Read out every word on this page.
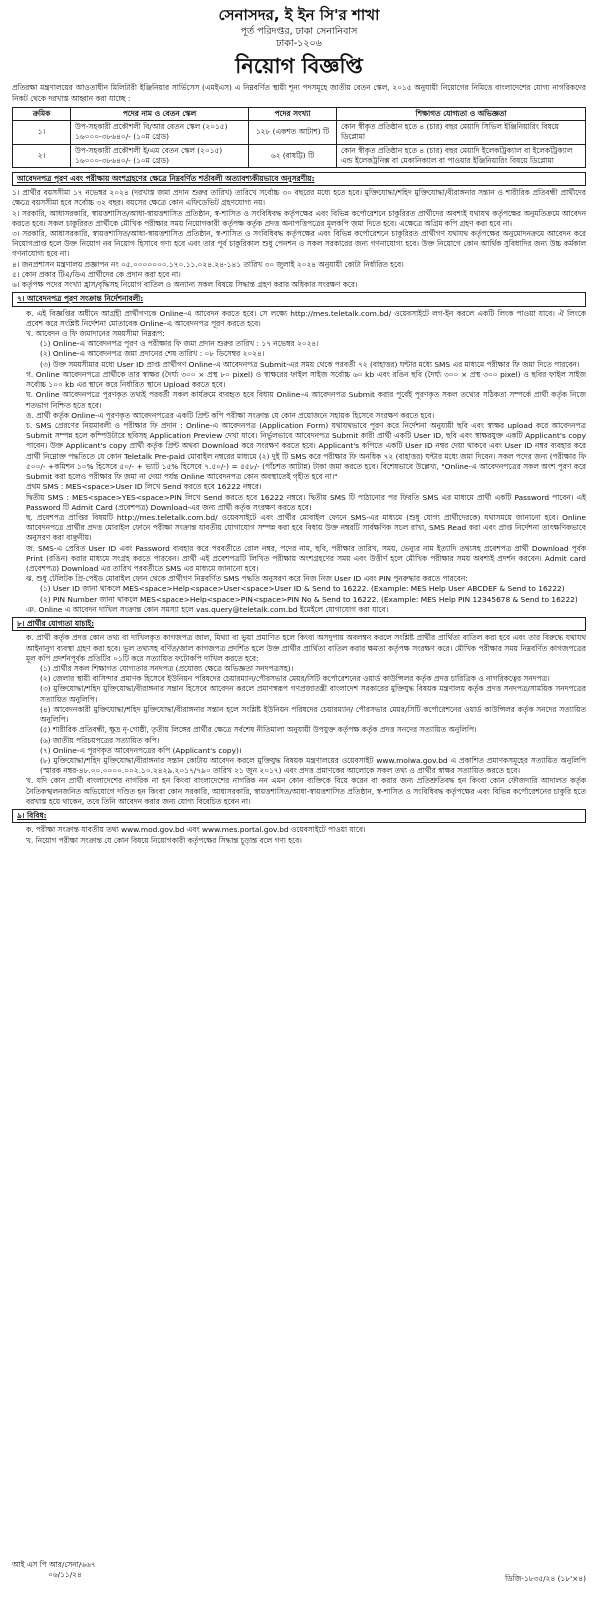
সেনাসদর, ই ইন সি'র শাখা
পূর্ত পরিদপ্তর, ঢাকা সেনানিবাস
ঢাকা-১২০৬
নিয়োগ বিজ্ঞপ্তি

প্রতিরক্ষা মন্ত্রণালয়ের আওতাধীন মিলিটারী ইঞ্জিনিয়ার সার্ভিসেস (এমইএস) এ নিম্নবর্ণিত স্থায়ী শূন্য পদসমূহে জাতীয় বেতন স্কেল, ২০১৫ অনুযায়ী নিয়োগের নিমিত্তে বাংলাদেশের যোগ্য নাগরিকদের নিকট থেকে দরখাস্ত আহ্বান করা যাচ্ছে :

ক্রমিক	পদের নাম ও বেতন স্কেল	পদের সংখ্যা	শিক্ষাগত যোগ্যতা ও অভিজ্ঞতা
১।	উপ-সহকারী প্রকৌশলী বি/আর বেতন স্কেল (২০১৫) ১৬০০০-৩৮৬৪০/- (১০ম গ্রেড)	১২৮ (একশত আটাশ) টি	কোন স্বীকৃত প্রতিষ্ঠান হতে ৪ (চার) বছর মেয়াদি সিভিল ইঞ্জিনিয়ারিং বিষয়ে ডিপ্লোমা
২।	উপ-সহকারী প্রকৌশলী ই/এম বেতন স্কেল (২০১৫) ১৬০০০-৩৮৬৪০/- (১০ম গ্রেড)	৬২ (বাষট্টি) টি	কোন স্বীকৃত প্রতিষ্ঠান হতে ৪ (চার) বছর মেয়াদি ইলেকট্রিক্যাল বা ইলেকট্রিক্যাল এন্ড ইলেকট্রনিক্স বা মেকানিক্যাল বা পাওয়ার ইঞ্জিনিয়ারিং বিষয়ে ডিপ্লোমা
আবেদনপত্র পূরণ এবং পরীক্ষায় অংশগ্রহণের ক্ষেত্রে নিম্নবর্ণিত শর্তাবলী অত্যাবশ্যকীয়ভাবে অনুসরণীয়:

১। প্রার্থীর বয়সসীমা ১৭ নভেম্বর ২০২৪ (দরখাস্ত জমা প্রদান শুরুর তারিখ) তারিখে সর্বোচ্চ ৩০ বছরের মধ্যে হতে হবে। মুক্তিযোদ্ধা/শহিদ মুক্তিযোদ্ধা/বীরাঙ্গনার সন্তান ও শারীরিক প্রতিবন্ধী প্রার্থীদের ক্ষেত্রে বয়সসীমা হবে সর্বোচ্চ ৩২ বছর। বয়সের ক্ষেত্রে কোন এফিডেভিট গ্রহণযোগ্য নয়।

২। সরকারি, আধাসরকারি, স্বায়ত্তশাসিত/আধা-স্বায়ত্তশাসিত প্রতিষ্ঠান, স্ব-শাসিত ও সংবিধিবদ্ধ কর্তৃপক্ষের এবং বিভিন্ন কর্পোরেশনে চাকুরিরত প্রার্থীদের অবশ্যই যথাযথ কর্তৃপক্ষের অনুমতিক্রমে আবেদন করতে হবে। সকল চাকুরিরত প্রার্থীকে মৌখিক পরীক্ষার সময় নিয়োগকারী কর্তৃপক্ষ কর্তৃক প্রদত্ত অনাপত্তিপত্রের মূলকপি জমা দিতে হবে। এক্ষেত্রে অগ্রিম কপি গ্রহণ করা হবে না।

৩। সরকারি, আধাসরকারি, স্বায়ত্তশাসিত/আধা-স্বায়ত্তশাসিত প্রতিষ্ঠান, স্ব-শাসিত ও সংবিধিবদ্ধ কর্তৃপক্ষের এবং বিভিন্ন কর্পোরেশনে চাকুরিরত প্রার্থীগণ যথাযথ কর্তৃপক্ষের অনুমোদনক্রমে আবেদন করে নিয়োগপ্রাপ্ত হলে উক্ত নিয়োগ নব নিয়োগ হিসাবে গণ্য হবে এবং তার পূর্ব চাকুরিকাল শুধু পেনশন ও সকল সরকারের জন্য গণনাযোগ্য হবে। উক্ত নিয়োগে কোন আর্থিক সুবিধাদির জন্য উচ্চ কর্মকাল গণনাযোগ্য হবে না।

৪। জনপ্রশাসন মন্ত্রণালয় প্রজ্ঞাপন নং ০৫.০০০০০০০.১৭০.১১.০২৪.২৪-১৪১ তারিখ ৩০ জুলাই ২০২৪ অনুযায়ী কোটা নির্ধারিত হবে।

৫। কোন প্রকার টিএ/ডিএ প্রার্থীদের কে প্রদান করা হবে না।

৬। কর্তৃপক্ষ পদের সংখ্যা হ্রাস/বৃদ্ধিসহ নিয়োগ বাতিল ও অন্যান্য সকল বিষয়ে সিদ্ধান্ত গ্রহণ করার অধিকার সংরক্ষণ করে।

৭। আবেদনপত্র পূরণ সংক্রান্ত নির্দেশনাবলী:

ক. এই বিজ্ঞপ্তির অধীনে আগ্রহী প্রার্থীগণকে Online-এ আবেদন করতে হবে। সে লক্ষ্যে http://mes.teletalk.com.bd/ ওয়েবসাইটে লগ-ইন করলে একটি লিংক পাওয়া যাবে। ঐ লিংকে প্রবেশ করে সংশ্লিষ্ট নির্দেশনা মোতাবেক Online-এ আবেদনপত্র পূরণ করতে হবে।

খ. আবেদন ও ফি জমাদানের সময়সীমা নিম্নরূপ:

(১) Online-এ আবেদনপত্র পূরণ ও পরীক্ষার ফি জমা প্রদান শুরুর তারিখ : ১৭ নভেম্বর ২০২৪।

(২) Online-এ আবেদনপত্র জমা প্রদানের শেষ তারিখ : ০৮ ডিসেম্বর ২০২৪।

(৩) উক্ত সময়সীমার মধ্যে User ID প্রাপ্ত প্রার্থীগণ Online-এ আবেদনপত্র Submit-এর সময় থেকে পরবর্তী ৭২ (বাহাত্তর) ঘন্টার মধ্যে SMS এর মাধ্যমে পরীক্ষার ফি জমা দিতে পারবেন।

গ. Online আবেদনপত্রে প্রার্থীকে তার স্বাক্ষর (দৈর্ঘ্য ৩০০ × প্রস্থ ৮০ pixel) ও স্বাক্ষরের ফাইল সাইজ সর্বোচ্চ ৬০ kb এবং রঙিন ছবি (দৈর্ঘ্য ৩০০ × প্রস্থ ৩০০ pixel) ও ছবির ফাইল সাইজ সর্বোচ্চ ১০০ kb এর স্থানে করে নির্ধারিত স্থানে Upload করতে হবে।

ঘ. Online আবেদনপত্রে পূরণকৃত তথ্যই পরবর্তী সকল কার্যক্রমে ব্যবহৃত হবে বিধায় Online-এ আবেদনপত্র Submit করার পূর্বেই পূরণকৃত সকল তথ্যের সঠিকতা সম্পর্কে প্রার্থী কর্তৃক নিজে শতভাগ নিশ্চিত হতে হবে।

ঙ. প্রার্থী কর্তৃক Online-এ পূরণকৃত আবেদনপত্রের একটি প্রিন্ট কপি পরীক্ষা সংক্রান্ত যে কোন প্রয়োজনে সহায়ক হিসেবে সংরক্ষণ করতে হবে।

চ. SMS প্রেরণের নিয়মাবলী ও পরীক্ষার ফি প্রদান : Online-এ আবেদনপত্র (Application Form) যথাযথভাবে পূরণ করে নির্দেশনা অনুযায়ী ছবি এবং স্বাক্ষর upload করে আবেদনপত্র Submit সম্পন্ন হলে কম্পিউটারে ছবিসহ Application Preview দেখা যাবে। নির্ভুলভাবে আবেদনপত্র Submit কারী প্রার্থী একটি User ID, ছবি এবং স্বাক্ষরযুক্ত একটি Applicant's copy পাবেন। উক্ত Applicant's copy প্রার্থী কর্তৃক প্রিন্ট অথবা Download করে সংরক্ষণ করতে হবে। Applicant's কপিতে একটি User ID নম্বর দেয়া থাকবে এবং User ID নম্বর ব্যবহার করে প্রার্থী নিম্নোক্ত পদ্ধতিতে যে কোন Teletalk Pre-paid মোবাইল নম্বরের মাধ্যমে (২) দুই টি SMS করে পরীক্ষার ফি অনধিক ৭২ (বাহাত্তর) ঘন্টার মধ্যে জমা দিবেন। সকল পদের জন্য (পরীক্ষার ফি ৫০০/- +কমিশন ১০% হিসেবে ৫০/- + ভ্যাট ১৫% হিসেবে ৭.৫০/-) = ৫৫৮/- (পাঁচশত আটান্ন) টাকা জমা করতে হবে। বিশেষভাবে উল্লেখ্য, "Online-এ আবেদনপত্রের সকল অংশ পূরণ করে Submit করা হলেও পরীক্ষার ফি জমা না দেয়া পর্যন্ত Online আবেদনপত্র কোন অবস্থাতেই গৃহীত হবে না।"

প্রথম SMS : MES<space>User ID লিখে Send করতে হবে 16222 নম্বরে।

দ্বিতীয় SMS : MES<space>YES<space>PIN লিখে Send করতে হবে 16222 নম্বরে। দ্বিতীয় SMS টি পাঠানোর পর ফিরতি SMS এর মাধ্যমে প্রার্থী একটি Password পাবেন। এই Password টি Admit Card (প্রবেশপত্র) Download-এর জন্য প্রার্থী কর্তৃক সংরক্ষণ করতে হবে।

ছ. প্রবেশপত্র প্রাপ্তির বিষয়টি http://mes.teletalk.com.bd/ ওয়েবসাইটে এবং প্রার্থীর মোবাইল ফোনে SMS-এর মাধ্যমে (শুধু যোগ্য প্রার্থীদেরকে) যথাসময়ে জানানো হবে। Online আবেদনপত্রে প্রার্থীর প্রদত্ত মোবাইল ফোনে পরীক্ষা সংক্রান্ত যাবতীয় যোগাযোগ সম্পন্ন করা হবে বিধায় উক্ত নম্বরটি সার্বক্ষণিক সচল রাখা, SMS Read করা এবং প্রাপ্ত নির্দেশনা তাৎক্ষণিকভাবে অনুসরণ করা বাঞ্ছনীয়।

জ. SMS-এ প্রেরিত User ID এবং Password ব্যবহার করে পরবর্তীতে রোল নম্বর, পদের নাম, ছবি, পরীক্ষার তারিখ, সময়, ভেন্যুর নাম ইত্যাদি তথ্যসহ প্রবেশপত্র প্রার্থী Download পূর্বক Print (রঙিন) করার মাধ্যমে সংগ্রহ করতে পারবেন। প্রার্থী এই প্রবেশপত্রটি লিখিত পরীক্ষায় অংশগ্রহণের সময় এবং উত্তীর্ণ হলে মৌখিক পরীক্ষার সময় অবশ্যই প্রদর্শন করবেন। Admit card (প্রবেশপত্র) Download এর তারিখ পরবর্তীতে SMS এর মাধ্যমে জানানো হবে।

ঝ. শুধু টেলিটক প্রি-পেইড মোবাইল ফোন থেকে প্রার্থীগণ নিম্নবর্ণিত SMS পদ্ধতি অনুসরণ করে নিজ নিজ User ID এবং PIN পুনরুদ্ধার করতে পারবেন:

(১) User ID জানা থাকলে MES<space>Help<space>User<space>User ID & Send to 16222. (Example: MES Help User ABCDEF & Send to 16222)

(২) PIN Number জানা থাকলে MES<space>Help<space>PIN<space>PIN No & Send to 16222. (Example: MES Help PIN 12345678 & Send to 16222)

ঞ. Online এ আবেদন দাখিল সংক্রান্ত কোন সমস্যা হলে vas.query@teletalk.com.bd ইমেইলে যোগাযোগ করা যাবে।

৮। প্রার্থীর যোগ্যতা যাচাই:

ক. প্রার্থী কর্তৃক প্রদত্ত কোন তথ্য বা দাখিলকৃত কাগজপত্র জাল, মিথ্যা বা ভুয়া প্রমাণিত হলে কিংবা অসদুপায় অবলম্বন করলে সংশ্লিষ্ট প্রার্থীর প্রার্থিতা বাতিল করা হবে এবং তার বিরুদ্ধে যথাযথ আইনানুগ ব্যবস্থা গ্রহণ করা হবে। ভুল তথ্যসহ বর্ণিত/জাল কাগজপত্র প্রদর্শিত হলে উক্ত প্রার্থীর প্রার্থিতা বাতিল করার ক্ষমতা কর্তৃপক্ষ সংরক্ষণ করে। মৌখিক পরীক্ষার সময় নিম্নবর্ণিত কাগজপত্রের মূল কপি প্রদর্শনপূর্বক প্রতিটির ০১টি করে সত্যায়িত ফটোকপি দাখিল করতে হবে:

(১) প্রার্থীর সকল শিক্ষাগত যোগ্যতার সনদপত্র (প্রযোজ্য ক্ষেত্রে অভিজ্ঞতা সনদপত্রসহ)।

(২) জেলার স্থায়ী বাসিন্দার প্রমাণক হিসেবে ইউনিয়ন পরিষদের চেয়ারম্যান/পৌরসভার মেয়র/সিটি কর্পোরেশনের ওয়ার্ড কাউন্সিলর কর্তৃক প্রদত্ত চারিত্রিক ও নাগরিকত্বের সনদপত্র।

(৩) মুক্তিযোদ্ধা/শহিদ মুক্তিযোদ্ধা/বীরাঙ্গনার সন্তান হিসেবে আবেদন করলে প্রমাণস্বরূপ গণপ্রজাতন্ত্রী বাংলাদেশ সরকারের মুক্তিযুদ্ধ বিষয়ক মন্ত্রণালয় কর্তৃক প্রদত্ত সনদপত্র/সাময়িক সনদপত্রের সত্যায়িত অনুলিপি।

(৪) আবেদনকারী মুক্তিযোদ্ধা/শহিদ মুক্তিযোদ্ধা/বীরাঙ্গনার সন্তান হলে সংশ্লিষ্ট ইউনিয়ন পরিষদের চেয়ারম্যান/ পৌরসভার মেয়র/সিটি কর্পোরেশনের ওয়ার্ড কাউন্সিলর কর্তৃক সনদের সত্যায়িত অনুলিপি।

(৫) শারীরিক প্রতিবন্ধী, ক্ষুদ্র নৃ-গোষ্ঠী, তৃতীয় লিঙ্গের প্রার্থীর ক্ষেত্রে সর্বশেষ নীতিমালা অনুযায়ী উপযুক্ত কর্তৃপক্ষ কর্তৃক প্রদত্ত সনদের সত্যায়িত অনুলিপি।

(৬) জাতীয় পরিচয়পত্রের সত্যায়িত কপি।

(৭) Online-এ পূরণকৃত আবেদনপত্রের কপি (Applicant's copy)।

(৮) মুক্তিযোদ্ধা/শহিদ মুক্তিযোদ্ধা/বীরাঙ্গনার সন্তান কোটায় আবেদন করলে মুক্তিযুদ্ধ বিষয়ক মন্ত্রণালয়ের ওয়েবসাইট www.molwa.gov.bd এ প্রকাশিত প্রমাণকসমূহের সত্যায়িত অনুলিপি (স্মারক নম্বর-৪৮.০০.০০০০.০০২.১০.২৪২৯.২০১৭/৭৯০ তারিখ ২১ জুন ২০১৭) এবং প্রদত্ত প্রমাণকের আলোকে সকল তথ্য ও প্রার্থীর স্বাক্ষর সত্যায়িত করতে হবে।

খ. যদি কোন প্রার্থী বাংলাদেশের নাগরিক না হন কিংবা বাংলাদেশের নাগরিক নন এমন কোন ব্যক্তিকে বিয়ে করেন বা করার জন্য প্রতিশ্রুতিবদ্ধ হন কিংবা কোন ফৌজদারি আদালত কর্তৃক নৈতিকস্খলনজনিত অভিযোগে দণ্ডিত হন কিংবা কোন সরকারি, আধাসরকারি, স্বায়ত্তশাসিত/আধা-স্বায়ত্তশাসিত প্রতিষ্ঠান, স্ব-শাসিত ও সংবিধিবদ্ধ কর্তৃপক্ষের এবং বিভিন্ন কর্পোরেশনের চাকুরি হতে বরখাস্ত হয়ে থাকেন, তবে তিনি আবেদন করার জন্য যোগ্য বিবেচিত হবেন না।

৯। বিবিধ:

ক. পরীক্ষা সংক্রান্ত যাবতীয় তথ্য www.mod.gov.bd এবং www.mes.portal.gov.bd ওয়েবসাইটে পাওয়া যাবে।

খ. নিয়োগ পরীক্ষা সংক্রান্ত যে কোন বিষয়ে নিয়োগকারী কর্তৃপক্ষের সিদ্ধান্ত চূড়ান্ত বলে গণ্য হবে।

আই এস পি আর/সেনা/৬৬৭
০৬/১১/২৪	ডিজি-১৮৩৫/২৪ (১৮'×৪)
